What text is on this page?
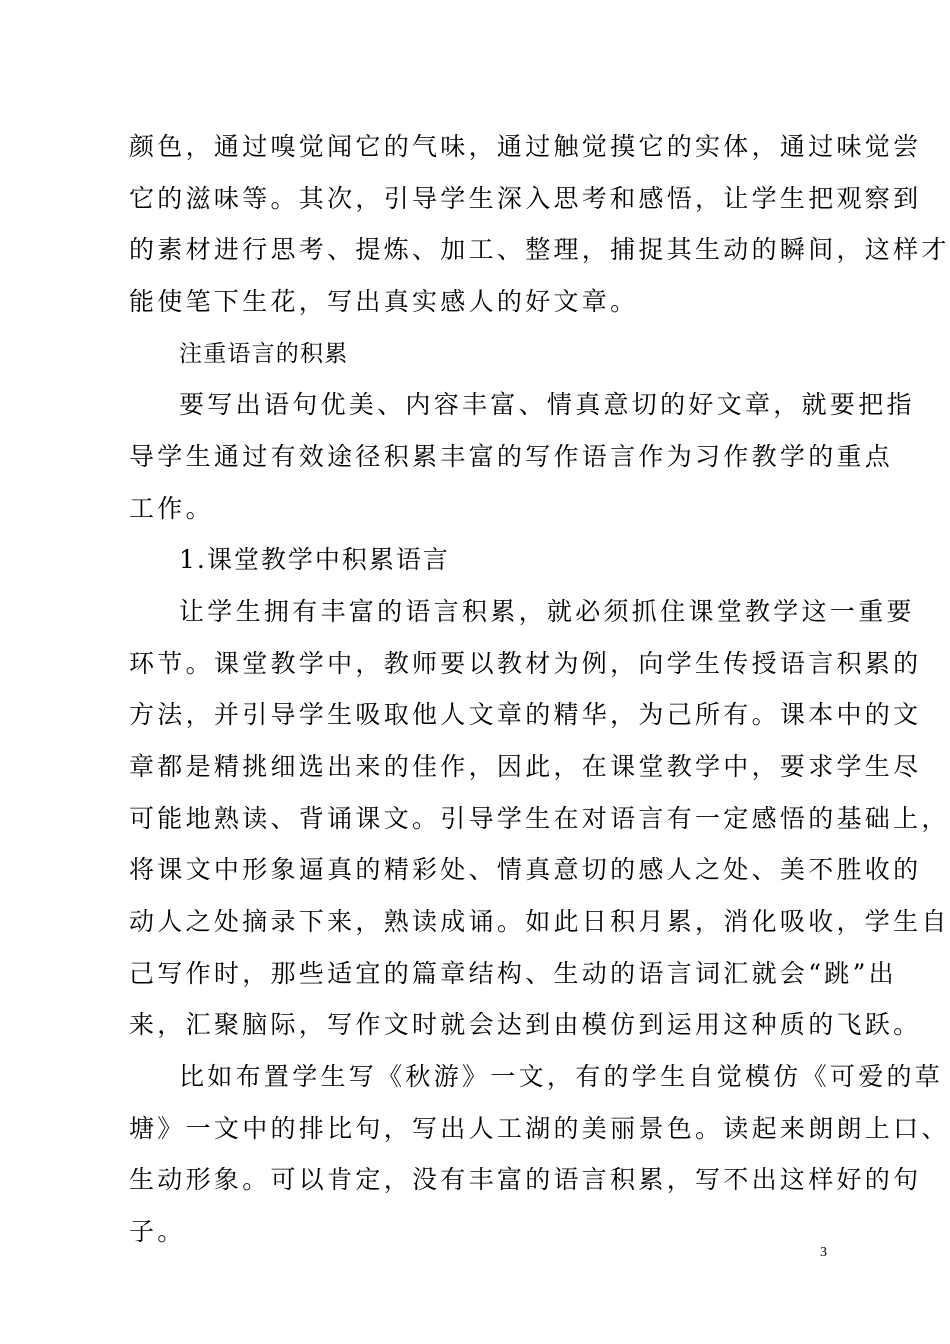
颜色，通过嗅觉闻它的气味，通过触觉摸它的实体，通过味觉尝
它的滋味等。其次，引导学生深入思考和感悟，让学生把观察到
的素材进行思考、提炼、加工、整理，捕捉其生动的瞬间，这样才
能使笔下生花，写出真实感人的好文章。
注重语言的积累
要写出语句优美、内容丰富、情真意切的好文章，就要把指
导学生通过有效途径积累丰富的写作语言作为习作教学的重点
工作。
1.课堂教学中积累语言
让学生拥有丰富的语言积累，就必须抓住课堂教学这一重要
环节。课堂教学中，教师要以教材为例，向学生传授语言积累的
方法，并引导学生吸取他人文章的精华，为己所有。课本中的文
章都是精挑细选出来的佳作，因此，在课堂教学中，要求学生尽
可能地熟读、背诵课文。引导学生在对语言有一定感悟的基础上，
将课文中形象逼真的精彩处、情真意切的感人之处、美不胜收的
动人之处摘录下来，熟读成诵。如此日积月累，消化吸收，学生自
己写作时，那些适宜的篇章结构、生动的语言词汇就会“跳”出
来，汇聚脑际，写作文时就会达到由模仿到运用这种质的飞跃。
比如布置学生写《秋游》一文，有的学生自觉模仿《可爱的草
塘》一文中的排比句，写出人工湖的美丽景色。读起来朗朗上口、
生动形象。可以肯定，没有丰富的语言积累，写不出这样好的句
子。
3
